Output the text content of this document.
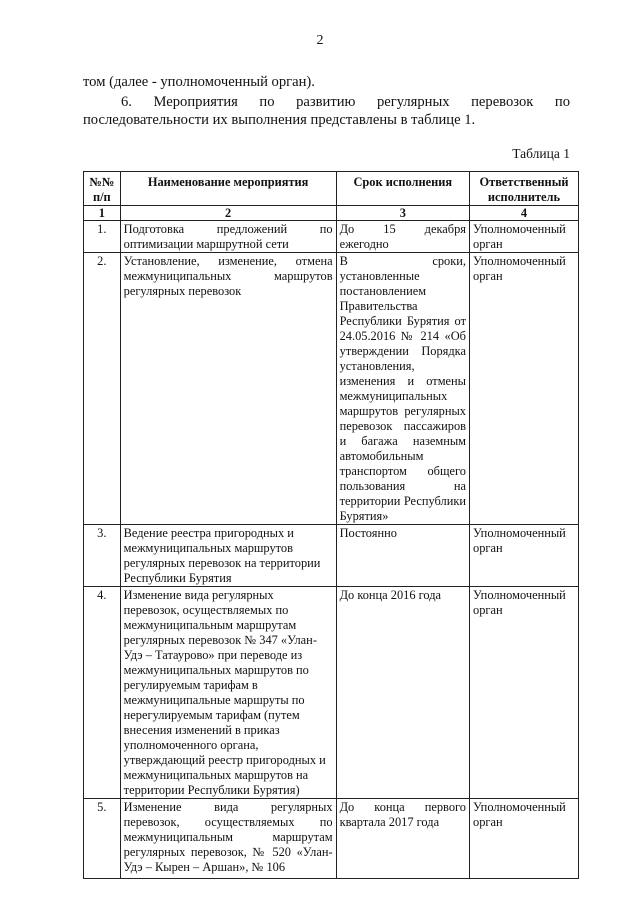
2
том (далее - уполномоченный орган).
6. Мероприятия по развитию регулярных перевозок по последовательности их выполнения представлены в таблице 1.
Таблица 1
№№ п/п	Наименование мероприятия	Срок исполнения	Ответственный исполнитель
1	2	3	4
1.	Подготовка предложений по оптимизации маршрутной сети	До 15 декабря ежегодно	Уполномоченный орган
2.	Установление, изменение, отмена межмуниципальных маршрутов регулярных перевозок	В сроки, установленные постановлением Правительства Республики Бурятия от 24.05.2016 № 214 «Об утверждении Порядка установления, изменения и отмены межмуниципальных маршрутов регулярных перевозок пассажиров и багажа наземным автомобильным транспортом общего пользования на территории Республики Бурятия»	Уполномоченный орган
3.	Ведение реестра пригородных и межмуниципальных маршрутов регулярных перевозок на территории Республики Бурятия	Постоянно	Уполномоченный орган
4.	Изменение вида регулярных перевозок, осуществляемых по межмуниципальным маршрутам регулярных перевозок № 347 «Улан-Удэ – Татаурово» при переводе из межмуниципальных маршрутов по регулируемым тарифам в межмуниципальные маршруты по нерегулируемым тарифам (путем внесения изменений в приказ уполномоченного органа, утверждающий реестр пригородных и межмуниципальных маршрутов на территории Республики Бурятия)	До конца 2016 года	Уполномоченный орган
5.	Изменение вида регулярных перевозок, осуществляемых по межмуниципальным маршрутам регулярных перевозок, № 520 «Улан-Удэ – Кырен – Аршан», № 106	До конца первого квартала 2017 года	Уполномоченный орган
